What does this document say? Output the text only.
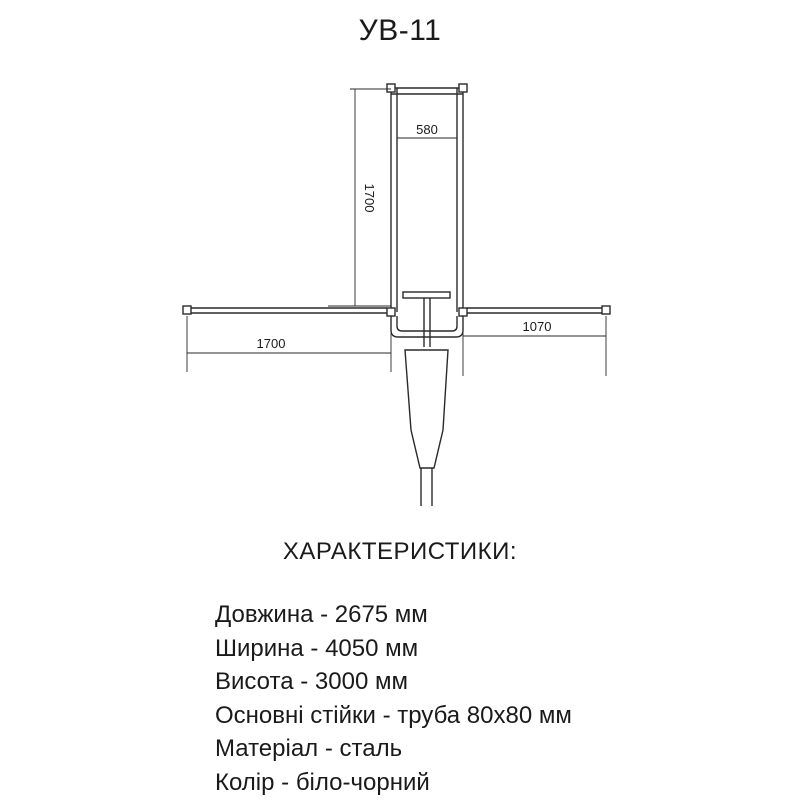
УВ-11
580
1700
1700
1070
ХАРАКТЕРИСТИКИ:
Довжина - 2675 мм
Ширина - 4050 мм
Висота - 3000 мм
Основні стійки - труба 80х80 мм
Матеріал - сталь
Колір - біло-чорний
